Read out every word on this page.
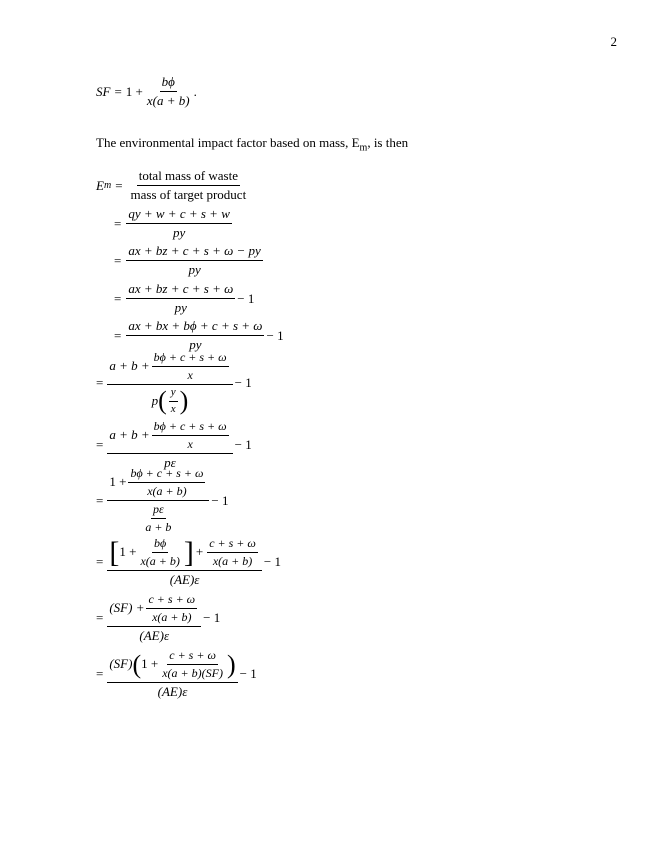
2
SF = $1 + \frac{b\phi}{x(a + b)}$ .
The environmental impact factor based on mass, $E_m$, is then
E $m = \frac{\text{total mass of waste}}{\text{mass of target product}}$
= $\frac{qy + w + c + s + w}{py}$
= $\frac{ax + bz + c + s + \omega - py}{py}$
= $\frac{ax + bz + c + s + \omega}{py} - 1$
= $\frac{ax + bx + b\phi + c + s + \omega}{py} - 1$
=
$a + b + \frac{b\phi + c + s + \omega}{x}$
p ( $\frac{y}{x}$ )
− 1
= $\frac{a + b + \frac{b\phi + c + s + \omega}{x}}{p\varepsilon} - 1$
= $\frac{1 + \frac{b\phi + c + s + \omega}{x(a + b)}}{\frac{p\varepsilon}{a + b}} - 1$
= [ $1 + \frac{b\phi}{x(a + b)}$ ] + $\frac{c + s + \omega}{x(a + b)}$
(AE)ε
− 1
= $\frac{(SF) + \frac{c + s + \omega}{x(a + b)}}{(AE)\varepsilon} - 1$
=
(SF) ( $1 + \frac{c + s + \omega}{x(a + b)(SF)}$ )
(AE)ε
− 1
